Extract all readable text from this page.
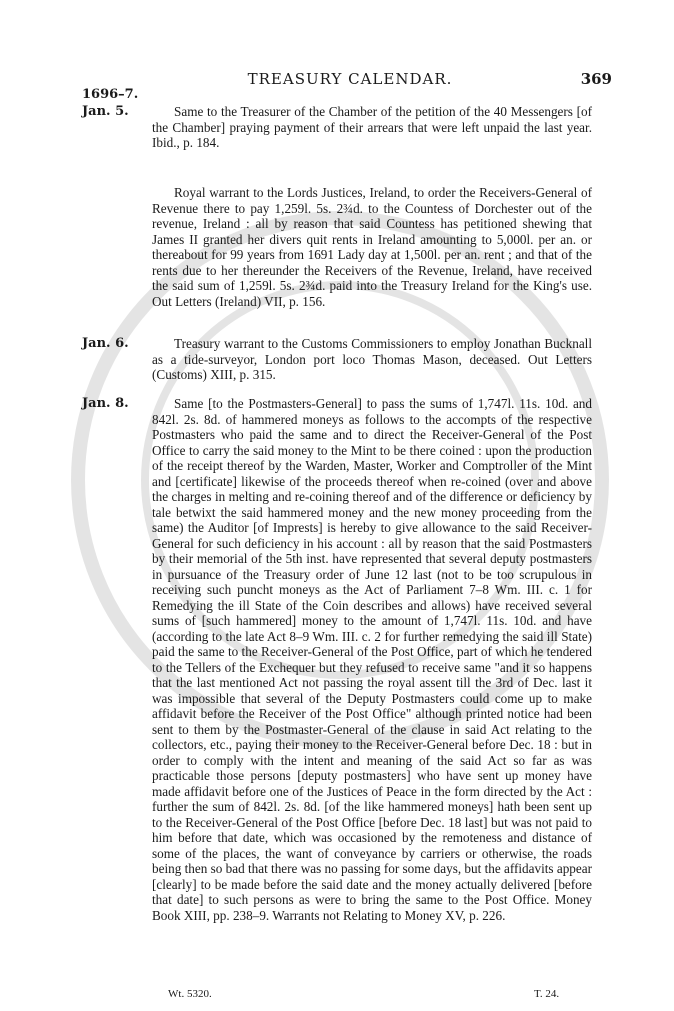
TREASURY CALENDAR.	369
1696–7.
Jan. 5.	Same to the Treasurer of the Chamber of the petition of the 40 Messengers [of the Chamber] praying payment of their arrears that were left unpaid the last year. Ibid., p. 184.

Royal warrant to the Lords Justices, Ireland, to order the Receivers-General of Revenue there to pay 1,259l. 5s. 2¾d. to the Countess of Dorchester out of the revenue, Ireland : all by reason that said Countess has petitioned shewing that James II granted her divers quit rents in Ireland amounting to 5,000l. per an. or thereabout for 99 years from 1691 Lady day at 1,500l. per an. rent ; and that of the rents due to her thereunder the Receivers of the Revenue, Ireland, have received the said sum of 1,259l. 5s. 2¾d. paid into the Treasury Ireland for the King's use. Out Letters (Ireland) VII, p. 156.

Jan. 6.	Treasury warrant to the Customs Commissioners to employ Jonathan Bucknall as a tide-surveyor, London port loco Thomas Mason, deceased. Out Letters (Customs) XIII, p. 315.

Jan. 8.	Same [to the Postmasters-General] to pass the sums of 1,747l. 11s. 10d. and 842l. 2s. 8d. of hammered moneys as follows to the accompts of the respective Postmasters who paid the same and to direct the Receiver-General of the Post Office to carry the said money to the Mint to be there coined : upon the production of the receipt thereof by the Warden, Master, Worker and Comptroller of the Mint and [certificate] likewise of the proceeds thereof when re-coined (over and above the charges in melting and re-coining thereof and of the difference or deficiency by tale betwixt the said hammered money and the new money proceeding from the same) the Auditor [of Imprests] is hereby to give allowance to the said Receiver-General for such deficiency in his account : all by reason that the said Postmasters by their memorial of the 5th inst. have represented that several deputy postmasters in pursuance of the Treasury order of June 12 last (not to be too scrupulous in receiving such puncht moneys as the Act of Parliament 7–8 Wm. III. c. 1 for Remedying the ill State of the Coin describes and allows) have received several sums of [such hammered] money to the amount of 1,747l. 11s. 10d. and have (according to the late Act 8–9 Wm. III. c. 2 for further remedying the said ill State) paid the same to the Receiver-General of the Post Office, part of which he tendered to the Tellers of the Exchequer but they refused to receive same "and it so happens that the last mentioned Act not passing the royal assent till the 3rd of Dec. last it was impossible that several of the Deputy Postmasters could come up to make affidavit before the Receiver of the Post Office" although printed notice had been sent to them by the Postmaster-General of the clause in said Act relating to the collectors, etc., paying their money to the Receiver-General before Dec. 18 : but in order to comply with the intent and meaning of the said Act so far as was practicable those persons [deputy postmasters] who have sent up money have made affidavit before one of the Justices of Peace in the form directed by the Act : further the sum of 842l. 2s. 8d. [of the like hammered moneys] hath been sent up to the Receiver-General of the Post Office [before Dec. 18 last] but was not paid to him before that date, which was occasioned by the remoteness and distance of some of the places, the want of conveyance by carriers or otherwise, the roads being then so bad that there was no passing for some days, but the affidavits appear [clearly] to be made before the said date and the money actually delivered [before that date] to such persons as were to bring the same to the Post Office. Money Book XIII, pp. 238–9. Warrants not Relating to Money XV, p. 226.

Wt. 5320.	T. 24.
